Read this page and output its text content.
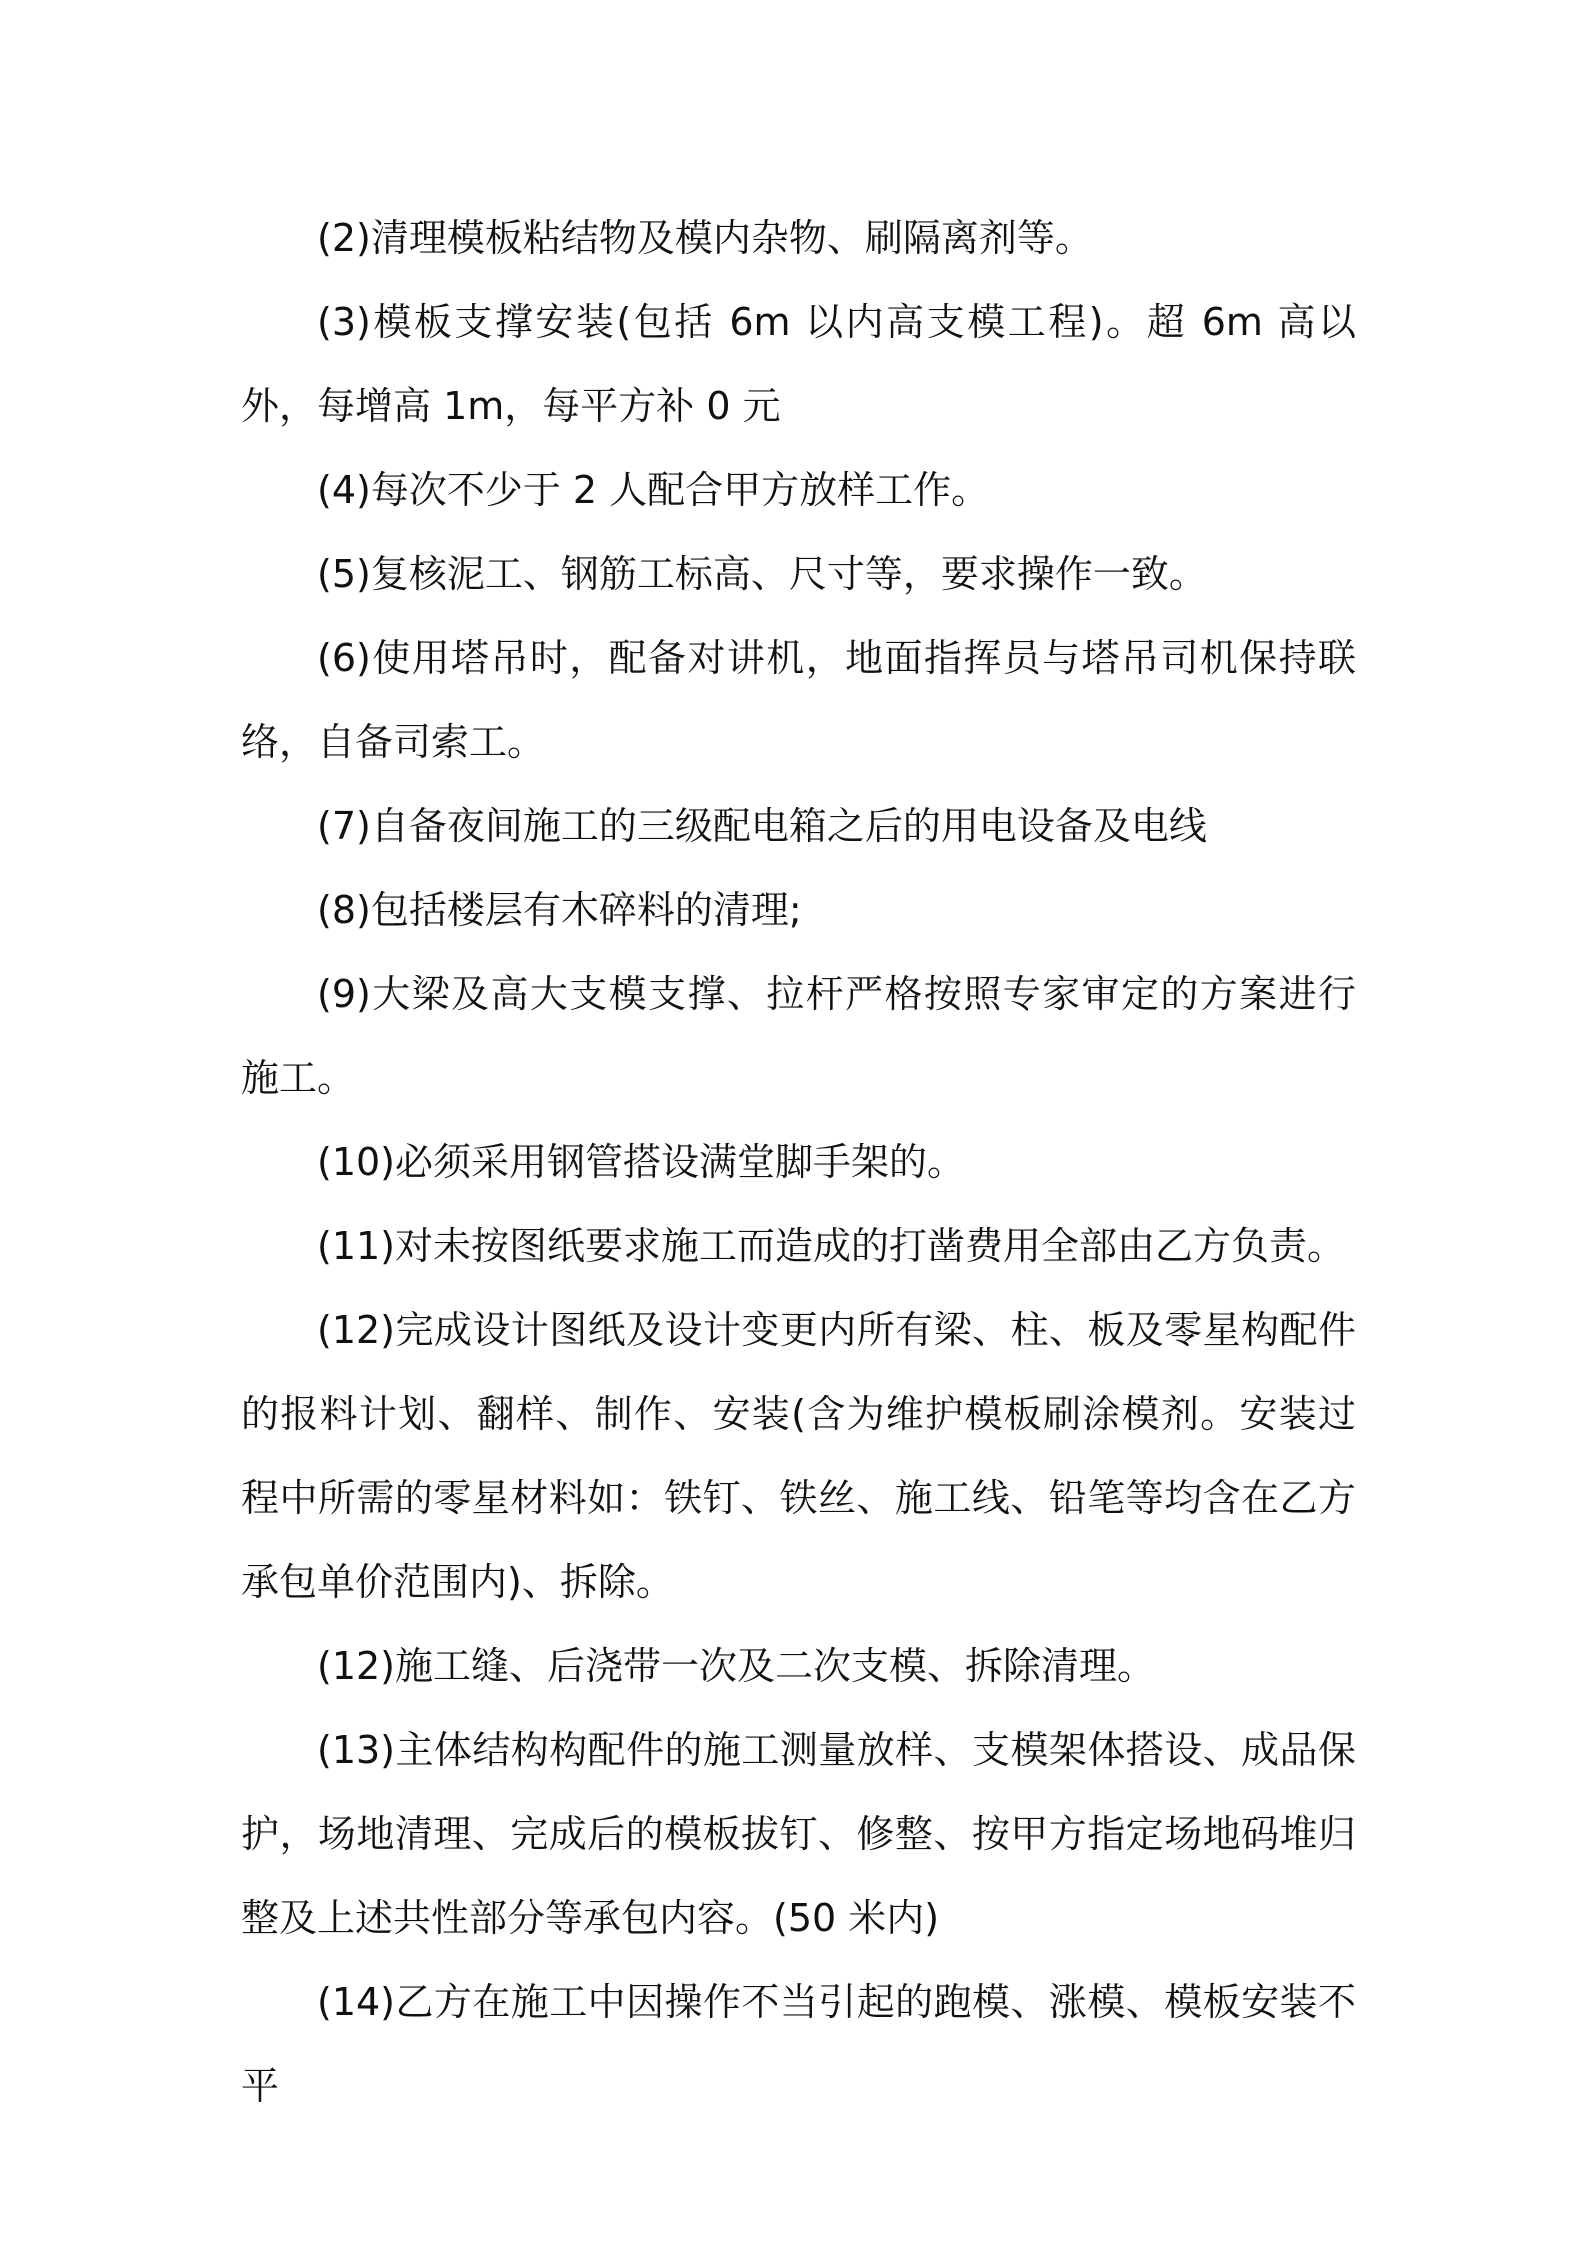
(2)清理模板粘结物及模内杂物、刷隔离剂等。

(3)模板支撑安装(包括 6m 以内高支模工程)。超 6m 高以外，每增高 1m，每平方补 0 元

(4)每次不少于 2 人配合甲方放样工作。

(5)复核泥工、钢筋工标高、尺寸等，要求操作一致。

(6)使用塔吊时，配备对讲机，地面指挥员与塔吊司机保持联络，自备司索工。

(7)自备夜间施工的三级配电箱之后的用电设备及电线

(8)包括楼层有木碎料的清理;

(9)大梁及高大支模支撑、拉杆严格按照专家审定的方案进行施工。

(10)必须采用钢管搭设满堂脚手架的。

(11)对未按图纸要求施工而造成的打凿费用全部由乙方负责。

(12)完成设计图纸及设计变更内所有梁、柱、板及零星构配件的报料计划、翻样、制作、安装(含为维护模板刷涂模剂。安装过程中所需的零星材料如：铁钉、铁丝、施工线、铅笔等均含在乙方承包单价范围内)、拆除。

(12)施工缝、后浇带一次及二次支模、拆除清理。

(13)主体结构构配件的施工测量放样、支模架体搭设、成品保护，场地清理、完成后的模板拔钉、修整、按甲方指定场地码堆归整及上述共性部分等承包内容。(50 米内)

(14)乙方在施工中因操作不当引起的跑模、涨模、模板安装不平
